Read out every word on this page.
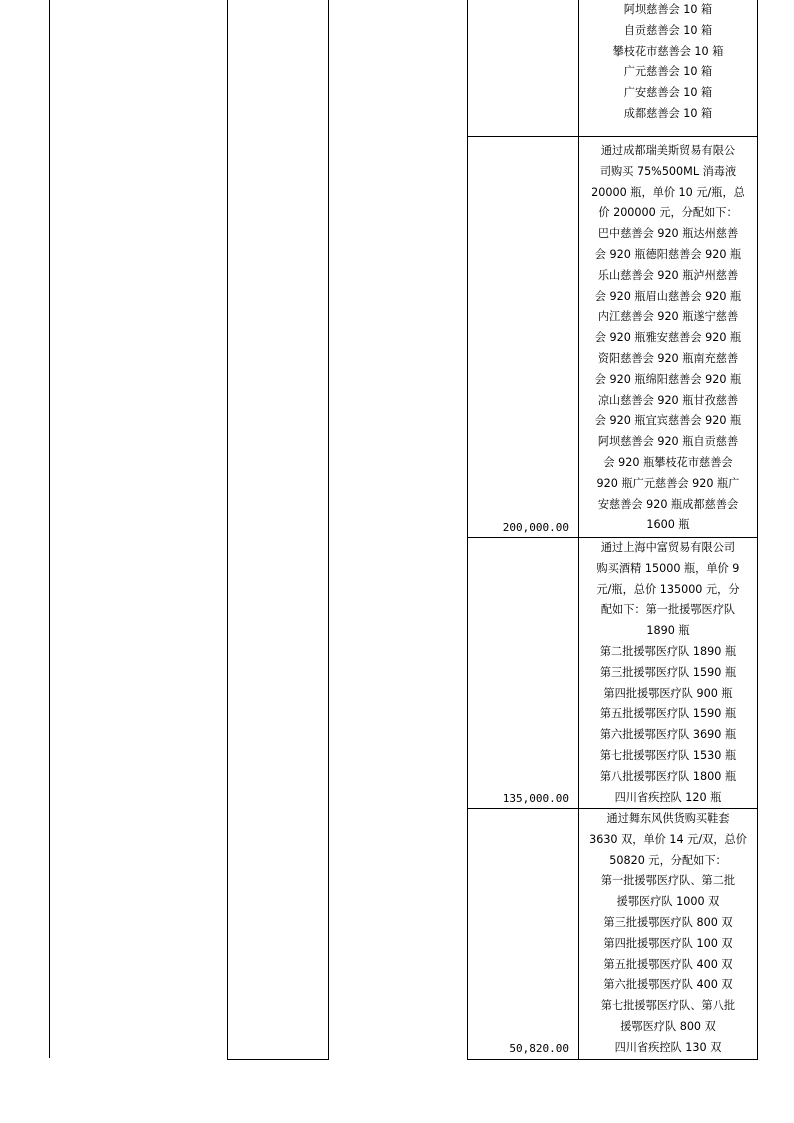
阿坝慈善会 10 箱
自贡慈善会 10 箱
攀枝花市慈善会 10 箱
广元慈善会 10 箱
广安慈善会 10 箱
成都慈善会 10 箱
通过成都瑞美斯贸易有限公
司购买 75%500ML 消毒液
20000 瓶，单价 10 元/瓶，总
价 200000 元，分配如下：
巴中慈善会 920 瓶达州慈善
会 920 瓶德阳慈善会 920 瓶
乐山慈善会 920 瓶泸州慈善
会 920 瓶眉山慈善会 920 瓶
内江慈善会 920 瓶遂宁慈善
会 920 瓶雅安慈善会 920 瓶
资阳慈善会 920 瓶南充慈善
会 920 瓶绵阳慈善会 920 瓶
凉山慈善会 920 瓶甘孜慈善
会 920 瓶宜宾慈善会 920 瓶
阿坝慈善会 920 瓶自贡慈善
会 920 瓶攀枝花市慈善会
920 瓶广元慈善会 920 瓶广
安慈善会 920 瓶成都慈善会
1600 瓶
200,000.00
通过上海中富贸易有限公司
购买酒精 15000 瓶，单价 9
元/瓶，总价 135000 元，分
配如下：第一批援鄂医疗队
1890 瓶
第二批援鄂医疗队 1890 瓶
第三批援鄂医疗队 1590 瓶
第四批援鄂医疗队 900 瓶
第五批援鄂医疗队 1590 瓶
第六批援鄂医疗队 3690 瓶
第七批援鄂医疗队 1530 瓶
第八批援鄂医疗队 1800 瓶
四川省疾控队 120 瓶
135,000.00
通过舞东风供货购买鞋套
3630 双，单价 14 元/双，总价
50820 元，分配如下：
第一批援鄂医疗队、第二批
援鄂医疗队 1000 双
第三批援鄂医疗队 800 双
第四批援鄂医疗队 100 双
第五批援鄂医疗队 400 双
第六批援鄂医疗队 400 双
第七批援鄂医疗队、第八批
援鄂医疗队 800 双
四川省疾控队 130 双
50,820.00
